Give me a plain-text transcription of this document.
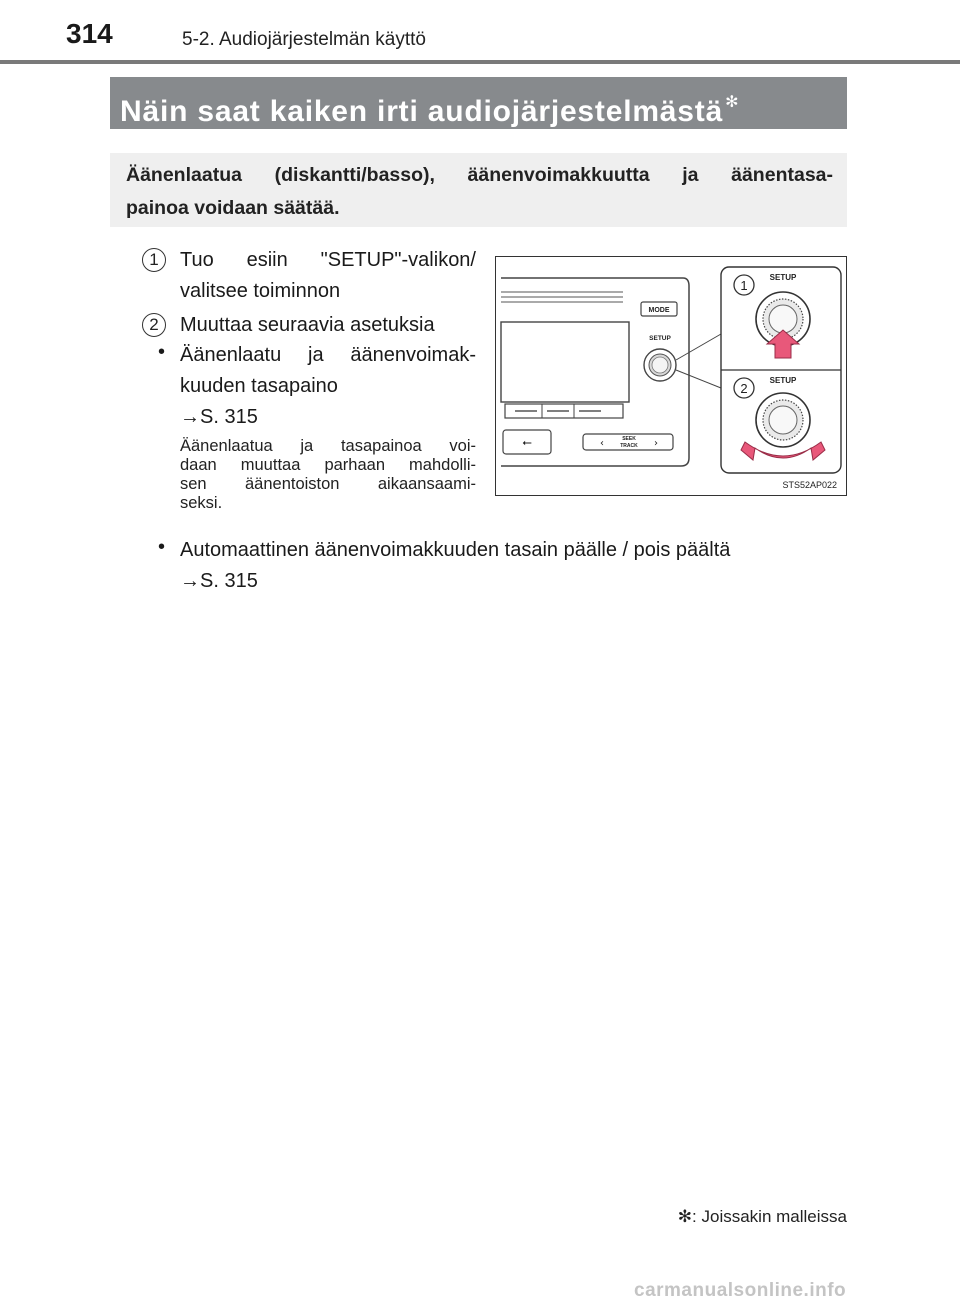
314	5-2. Audiojärjestelmän käyttö
Näin saat kaiken irti audiojärjestelmästä ✻
Äänenlaatua (diskantti/basso), äänenvoimakkuutta ja äänentasa-
painoa voidaan säätää.
1	Tuo esiin "SETUP"-valikon/
valitsee toiminnon
2	Muuttaa seuraavia asetuksia
• Äänenlaatu ja äänenvoimak-
kuuden tasapaino
→S. 315
Äänenlaatua ja tasapainoa voi-
daan muuttaa parhaan mahdolli-
sen äänentoiston aikaansaami-
seksi.
• Automaattinen äänenvoimakkuuden tasain päälle / pois päältä
→S. 315
MODE
SETUP
⭠	‹	›
SEEK
TRACK
1
SETUP
2
SETUP
STS52AP022
✻: Joissakin malleissa
carmanualsonline.info
